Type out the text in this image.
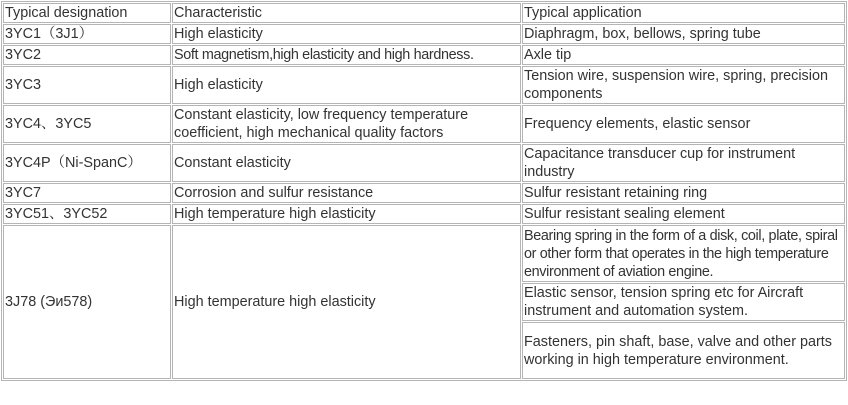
Typical designation	Characteristic	Typical application
3YC1（3J1）	High elasticity	Diaphragm, box, bellows, spring tube
3YC2	Soft magnetism,high elasticity and high hardness.	Axle tip
3YC3	High elasticity	Tension wire, suspension wire, spring, precision components
3YC4、3YC5	Constant elasticity, low frequency temperature coefficient, high mechanical quality factors	Frequency elements, elastic sensor
3YC4P（Ni-SpanC）	Constant elasticity	Capacitance transducer cup for instrument industry
3YC7	Corrosion and sulfur resistance	Sulfur resistant retaining ring
3YC51、3YC52	High temperature high elasticity	Sulfur resistant sealing element
3J78 (Эи578)	High temperature high elasticity	Bearing spring in the form of a disk, coil, plate, spiral or other form that operates in the high temperature environment of aviation engine.
		Elastic sensor, tension spring etc for Aircraft instrument and automation system.
		Fasteners, pin shaft, base, valve and other parts working in high temperature environment.
